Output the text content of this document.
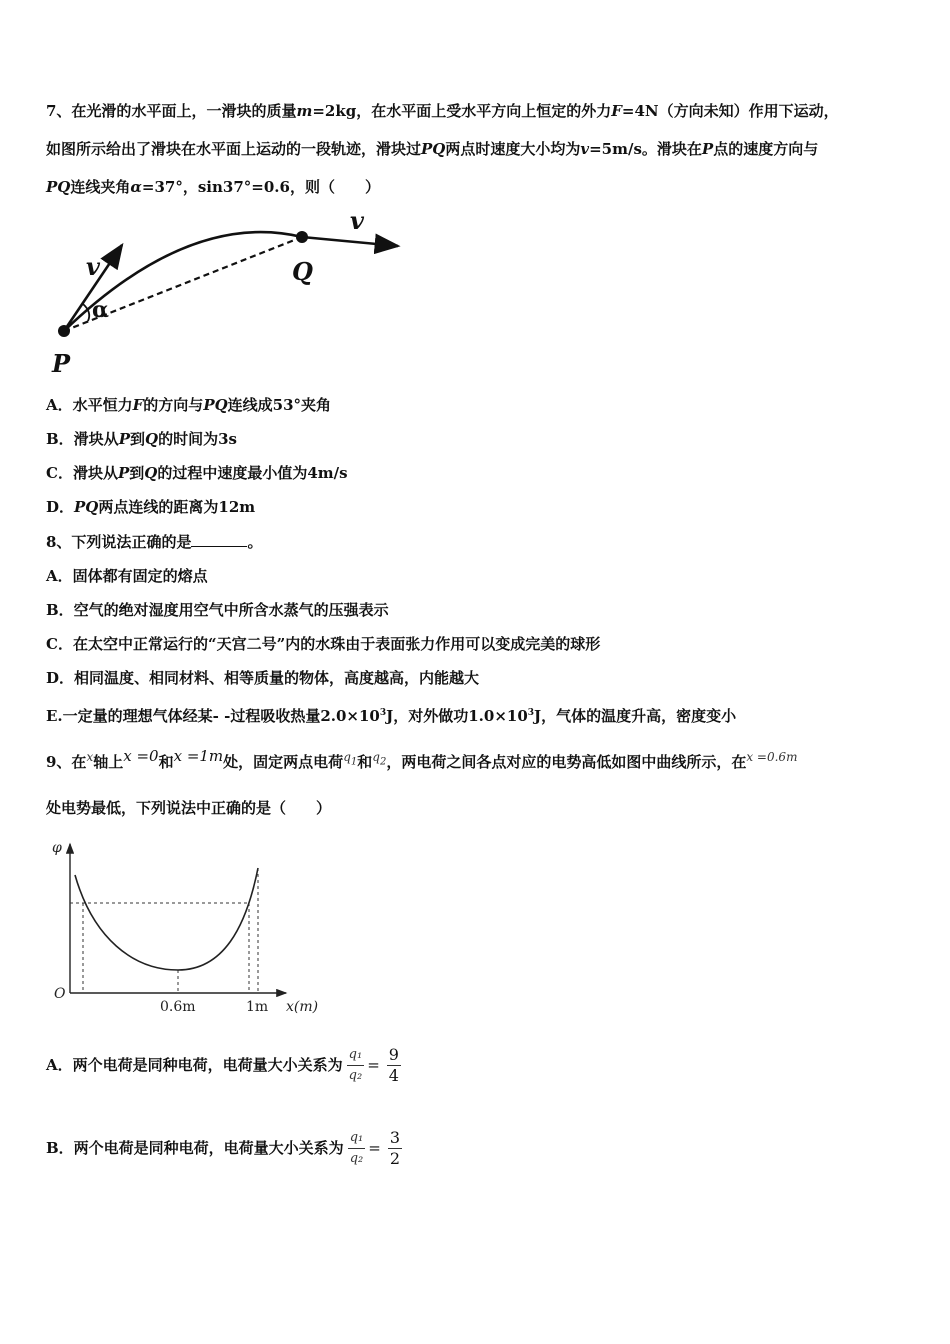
7、在光滑的水平面上，一滑块的质量m=2kg，在水平面上受水平方向上恒定的外力F=4N（方向未知）作用下运动，
如图所示给出了滑块在水平面上运动的一段轨迹，滑块过PQ两点时速度大小均为v=5m/s。滑块在P点的速度方向与
PQ连线夹角α=37°，sin37°=0.6，则（　　）
v
α
P
Q
v
A．水平恒力F的方向与PQ连线成53°夹角
B．滑块从P到Q的时间为3s
C．滑块从P到Q的过程中速度最小值为4m/s
D．PQ两点连线的距离为12m
8、下列说法正确的是	。
A．固体都有固定的熔点
B．空气的绝对湿度用空气中所含水蒸气的压强表示
C．在太空中正常运行的“天宫二号”内的水珠由于表面张力作用可以变成完美的球形
D．相同温度、相同材料、相等质量的物体，高度越高，内能越大
E.一定量的理想气体经某- -过程吸收热量$2.0\times 10^3J$，对外做功$1.0\times 10^3J$，气体的温度升高，密度变小
9、在$^x$轴上$^{x =0}$和$^{x =1m}$处，固定两点电荷$^{q_1}$和$^{q_2}$，两电荷之间各点对应的电势高低如图中曲线所示，在$^{x =0.6m}$
处电势最低，下列说法中正确的是（　　）
φ
O
0.6m	1m x(m)
A．两个电荷是同种电荷，电荷量大小关系为 $\frac{\text{q₁}}{\text{q₂}} = \frac{9}{4}$
B．两个电荷是同种电荷，电荷量大小关系为 $\frac{\text{q₁}}{\text{q₂}} = \frac{3}{2}$
